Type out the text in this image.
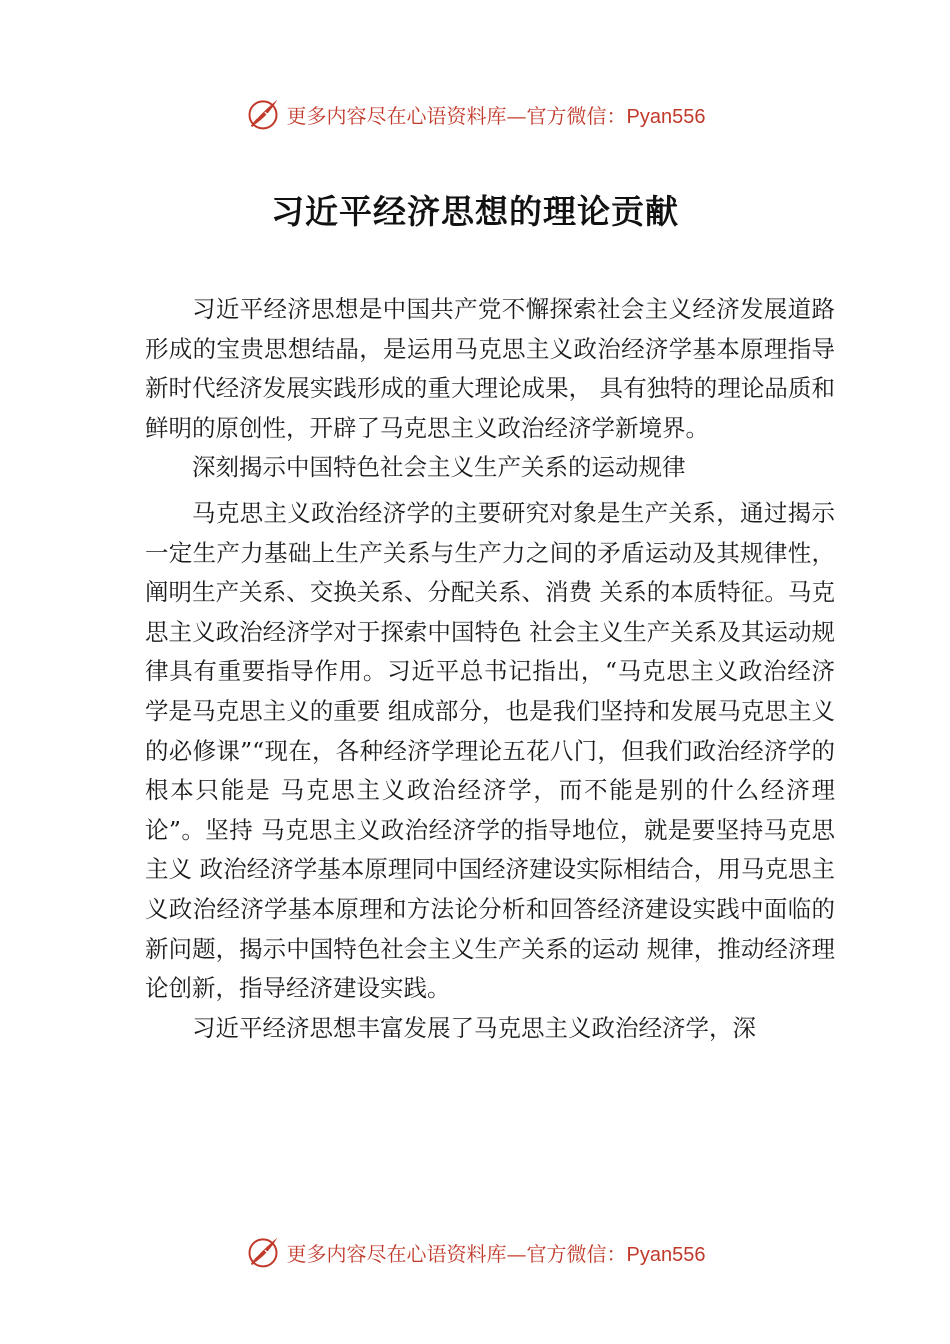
更多内容尽在心语资料库—官方微信：Pyan556
习近平经济思想的理论贡献

习近平经济思想是中国共产党不懈探索社会主义经济发展道路形成的宝贵思想结晶，是运用马克思主义政治经济学基本原理指导新时代经济发展实践形成的重大理论成果， 具有独特的理论品质和鲜明的原创性，开辟了马克思主义政治经济学新境界。

深刻揭示中国特色社会主义生产关系的运动规律

马克思主义政治经济学的主要研究对象是生产关系，通过揭示一定生产力基础上生产关系与生产力之间的矛盾运动及其规律性，阐明生产关系、交换关系、分配关系、消费 关系的本质特征。马克思主义政治经济学对于探索中国特色 社会主义生产关系及其运动规律具有重要指导作用。习近平总书记指出，“马克思主义政治经济学是马克思主义的重要 组成部分，也是我们坚持和发展马克思主义的必修课”“现在，各种经济学理论五花八门，但我们政治经济学的根本只能是 马克思主义政治经济学，而不能是别的什么经济理论”。坚持 马克思主义政治经济学的指导地位，就是要坚持马克思主义 政治经济学基本原理同中国经济建设实际相结合，用马克思主义政治经济学基本原理和方法论分析和回答经济建设实践中面临的新问题，揭示中国特色社会主义生产关系的运动 规律，推动经济理论创新，指导经济建设实践。

习近平经济思想丰富发展了马克思主义政治经济学，深

更多内容尽在心语资料库—官方微信：Pyan556
